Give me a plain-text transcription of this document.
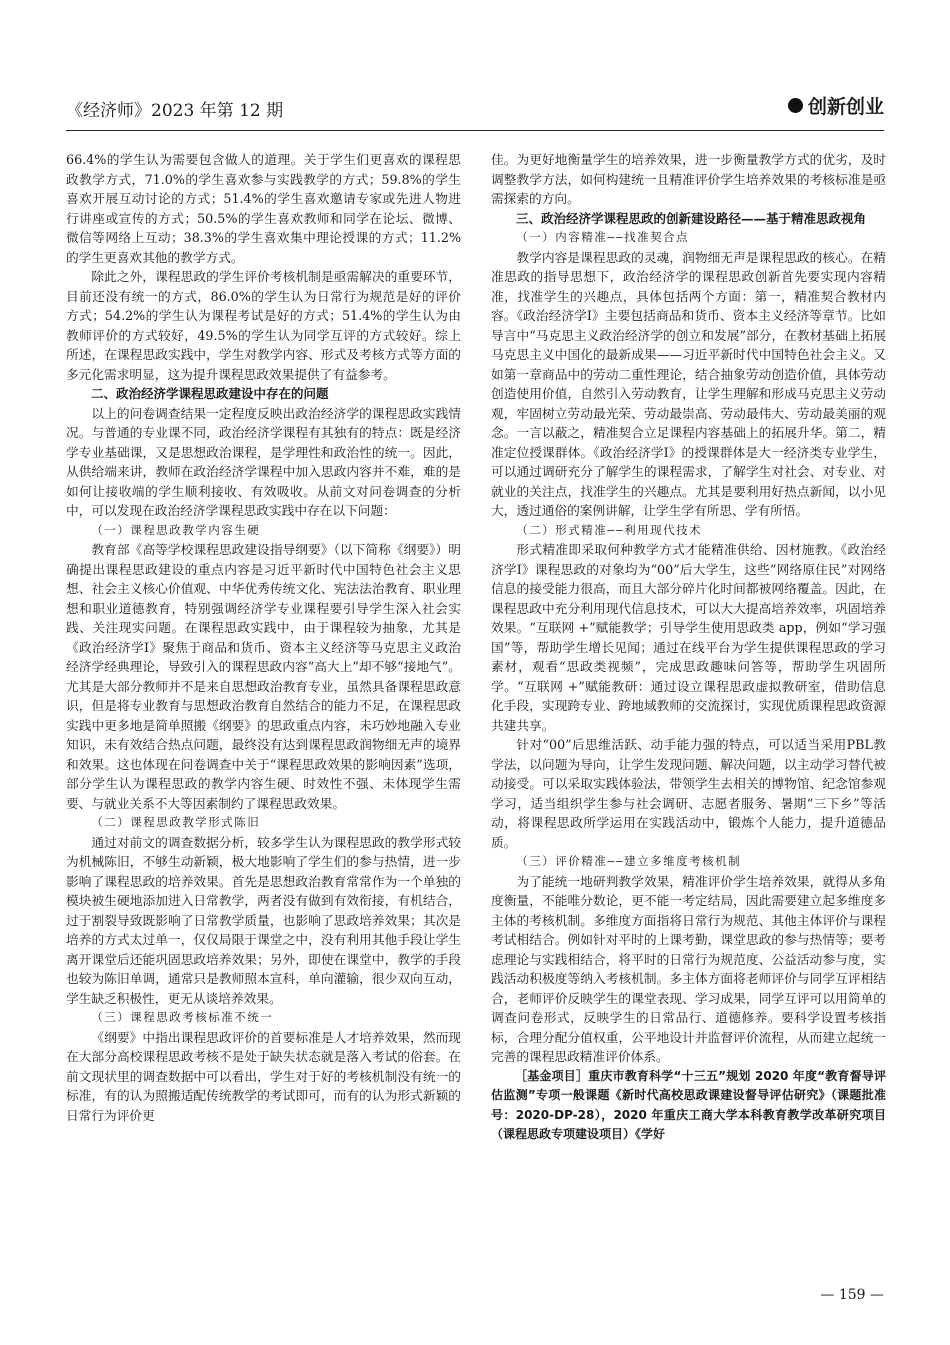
《经济师》2023 年第 12 期	创新创业

66.4%的学生认为需要包含做人的道理。关于学生们更喜欢的课程思政教学方式，71.0%的学生喜欢参与实践教学的方式；59.8%的学生喜欢开展互动讨论的方式；51.4%的学生喜欢邀请专家或先进人物进行讲座或宣传的方式；50.5%的学生喜欢教师和同学在论坛、微博、微信等网络上互动；38.3%的学生喜欢集中理论授课的方式；11.2%的学生更喜欢其他的教学方式。

除此之外，课程思政的学生评价考核机制是亟需解决的重要环节，目前还没有统一的方式，86.0%的学生认为日常行为规范是好的评价方式；54.2%的学生认为课程考试是好的方式；51.4%的学生认为由教师评价的方式较好，49.5%的学生认为同学互评的方式较好。综上所述，在课程思政实践中，学生对教学内容、形式及考核方式等方面的多元化需求明显，这为提升课程思政效果提供了有益参考。

二、政治经济学课程思政建设中存在的问题

以上的问卷调查结果一定程度反映出政治经济学的课程思政实践情况。与普通的专业课不同，政治经济学课程有其独有的特点：既是经济学专业基础课，又是思想政治课程，是学理性和政治性的统一。因此，从供给端来讲，教师在政治经济学课程中加入思政内容并不难，难的是如何让接收端的学生顺利接收、有效吸收。从前文对问卷调查的分析中，可以发现在政治经济学课程思政实践中存在以下问题：

（一）课程思政教学内容生硬

教育部《高等学校课程思政建设指导纲要》（以下简称《纲要》）明确提出课程思政建设的重点内容是习近平新时代中国特色社会主义思想、社会主义核心价值观、中华优秀传统文化、宪法法治教育、职业理想和职业道德教育，特别强调经济学专业课程要引导学生深入社会实践、关注现实问题。在课程思政实践中，由于课程较为抽象，尤其是《政治经济学Ⅰ》聚焦于商品和货币、资本主义经济等马克思主义政治经济学经典理论，导致引入的课程思政内容“高大上”却不够“接地气”。尤其是大部分教师并不是来自思想政治教育专业，虽然具备课程思政意识，但是将专业教育与思想政治教育自然结合的能力不足，在课程思政实践中更多地是简单照搬《纲要》的思政重点内容，未巧妙地融入专业知识，未有效结合热点问题，最终没有达到课程思政润物细无声的境界和效果。这也体现在问卷调查中关于“课程思政效果的影响因素”选项，部分学生认为课程思政的教学内容生硬、时效性不强、未体现学生需要、与就业关系不大等因素制约了课程思政效果。

（二）课程思政教学形式陈旧

通过对前文的调查数据分析，较多学生认为课程思政的教学形式较为机械陈旧，不够生动新颖，极大地影响了学生们的参与热情，进一步影响了课程思政的培养效果。首先是思想政治教育常常作为一个单独的模块被生硬地添加进入日常教学，两者没有做到有效衔接，有机结合，过于割裂导致既影响了日常教学质量，也影响了思政培养效果；其次是培养的方式太过单一，仅仅局限于课堂之中，没有利用其他手段让学生离开课堂后还能巩固思政培养效果；另外，即使在课堂中，教学的手段也较为陈旧单调，通常只是教师照本宣科，单向灌输，很少双向互动，学生缺乏积极性，更无从谈培养效果。

（三）课程思政考核标准不统一

《纲要》中指出课程思政评价的首要标准是人才培养效果，然而现在大部分高校课程思政考核不是处于缺失状态就是落入考试的俗套。在前文现状里的调查数据中可以看出，学生对于好的考核机制没有统一的标准，有的认为照搬适配传统教学的考试即可，而有的认为形式新颖的日常行为评价更

佳。为更好地衡量学生的培养效果，进一步衡量教学方式的优劣，及时调整教学方法，如何构建统一且精准评价学生培养效果的考核标准是亟需探索的方向。

三、政治经济学课程思政的创新建设路径——基于精准思政视角
（一）内容精准——找准契合点

教学内容是课程思政的灵魂，润物细无声是课程思政的核心。在精准思政的指导思想下，政治经济学的课程思政创新首先要实现内容精准，找准学生的兴趣点，具体包括两个方面：第一，精准契合教材内容。《政治经济学Ⅰ》主要包括商品和货币、资本主义经济等章节。比如导言中“马克思主义政治经济学的创立和发展”部分，在教材基础上拓展马克思主义中国化的最新成果——习近平新时代中国特色社会主义。又如第一章商品中的劳动二重性理论，结合抽象劳动创造价值，具体劳动创造使用价值，自然引入劳动教育，让学生理解和形成马克思主义劳动观，牢固树立劳动最光荣、劳动最崇高、劳动最伟大、劳动最美丽的观念。一言以蔽之，精准契合立足课程内容基础上的拓展升华。第二，精准定位授课群体。《政治经济学Ⅰ》的授课群体是大一经济类专业学生，可以通过调研充分了解学生的课程需求，了解学生对社会、对专业、对就业的关注点，找准学生的兴趣点。尤其是要利用好热点新闻，以小见大，透过通俗的案例讲解，让学生学有所思、学有所悟。

（二）形式精准——利用现代技术

形式精准即采取何种教学方式才能精准供给、因材施教。《政治经济学Ⅰ》课程思政的对象均为“00”后大学生，这些“网络原住民”对网络信息的接受能力很高，而且大部分碎片化时间都被网络覆盖。因此，在课程思政中充分利用现代信息技术，可以大大提高培养效率，巩固培养效果。“互联网 +”赋能教学；引导学生使用思政类 app，例如“学习强国”等，帮助学生增长见闻；通过在线平台为学生提供课程思政的学习素材，观看“思政类视频”，完成思政趣味问答等，帮助学生巩固所学。“互联网 +”赋能教研：通过设立课程思政虚拟教研室，借助信息化手段，实现跨专业、跨地域教师的交流探讨，实现优质课程思政资源共建共享。

针对“00”后思维活跃、动手能力强的特点，可以适当采用PBL教学法，以问题为导向，让学生发现问题、解决问题，以主动学习替代被动接受。可以采取实践体验法，带领学生去相关的博物馆、纪念馆参观学习，适当组织学生参与社会调研、志愿者服务、暑期“三下乡”等活动，将课程思政所学运用在实践活动中，锻炼个人能力，提升道德品质。

（三）评价精准——建立多维度考核机制

为了能统一地研判教学效果，精准评价学生培养效果，就得从多角度衡量，不能唯分数论，更不能一考定结局，因此需要建立起多维度多主体的考核机制。多维度方面指将日常行为规范、其他主体评价与课程考试相结合。例如针对平时的上课考勤，课堂思政的参与热情等；要考虑理论与实践相结合，将平时的日常行为规范度、公益活动参与度，实践活动积极度等纳入考核机制。多主体方面将老师评价与同学互评相结合，老师评价反映学生的课堂表现、学习成果，同学互评可以用简单的调查问卷形式，反映学生的日常品行、道德修养。要科学设置考核指标，合理分配分值权重，公平地设计并监督评价流程，从而建立起统一完善的课程思政精准评价体系。

［基金项目］重庆市教育科学“十三五”规划 2020 年度“教育督导评估监测”专项一般课题《新时代高校思政课建设督导评估研究》（课题批准号：2020-DP-28），2020 年重庆工商大学本科教育教学改革研究项目（课程思政专项建设项目）《学好
— 159 —
